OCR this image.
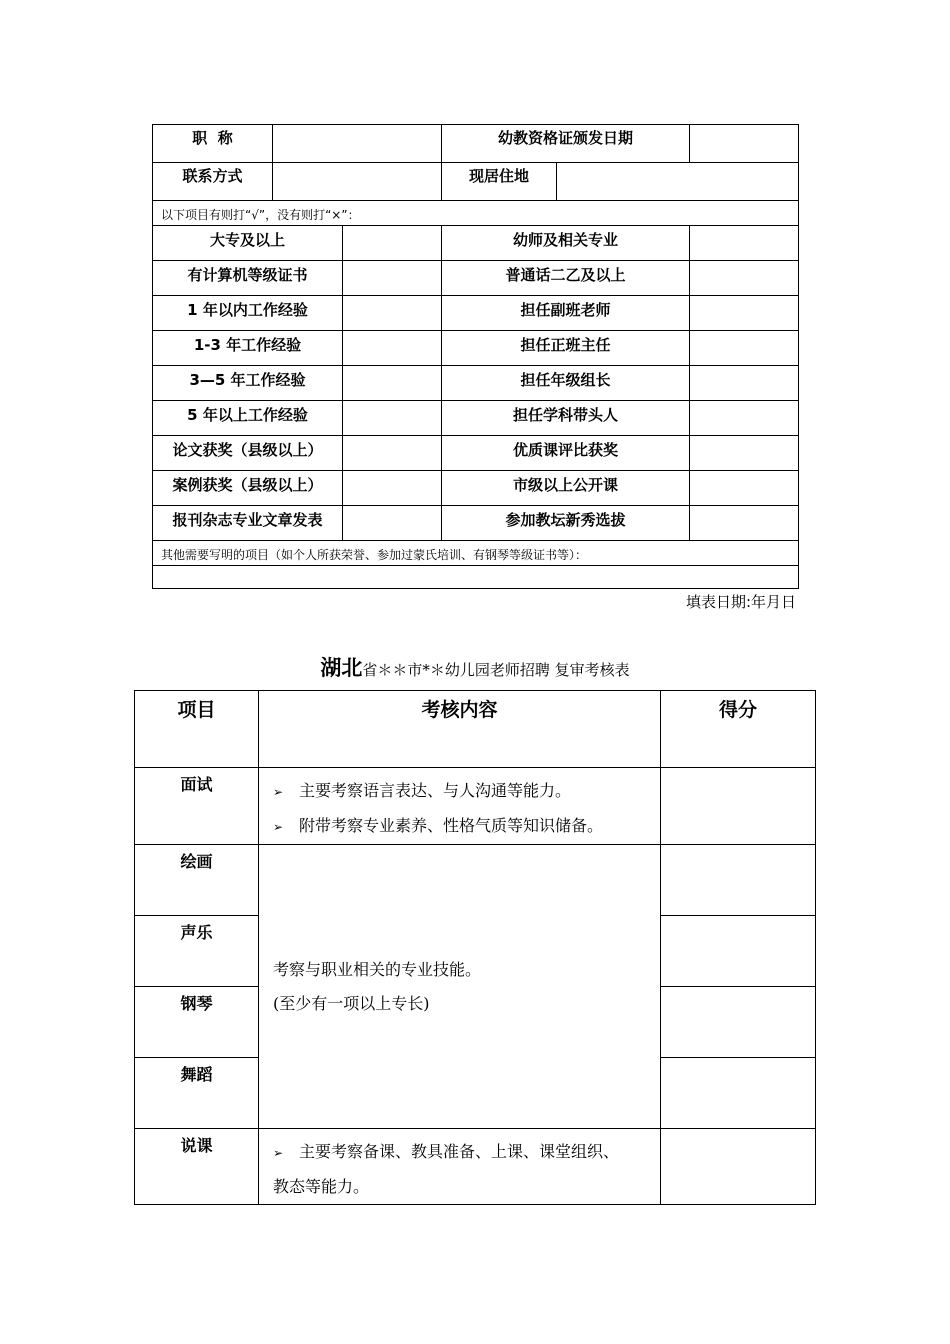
职  称			幼教资格证颁发日期		
联系方式			现居住地		
以下项目有则打“√”，没有则打“×”：					
大专及以上			幼师及相关专业		
有计算机等级证书			普通话二乙及以上		
1 年以内工作经验			担任副班老师		
1-3 年工作经验			担任正班主任		
3—5 年工作经验			担任年级组长		
5 年以上工作经验			担任学科带头人		
论文获奖（县级以上）			优质课评比获奖		
案例获奖（县级以上）			市级以上公开课		
报刊杂志专业文章发表			参加教坛新秀选拔		
其他需要写明的项目（如个人所获荣誉、参加过蒙氏培训、有钢琴等级证书等）：					

填表日期:年月日
湖北省＊＊市*＊幼儿园老师招聘 复审考核表
项目	考核内容	得分
面试	➢ 主要考察语言表达、与人沟通等能力。
➢ 附带考察专业素养、性格气质等知识储备。	

绘画	考察与职业相关的专业技能。
(至少有一项以上专长)	

声乐		
钢琴		
舞蹈		
说课	➢ 主要考察备课、教具准备、上课、课堂组织、
教态等能力。	
